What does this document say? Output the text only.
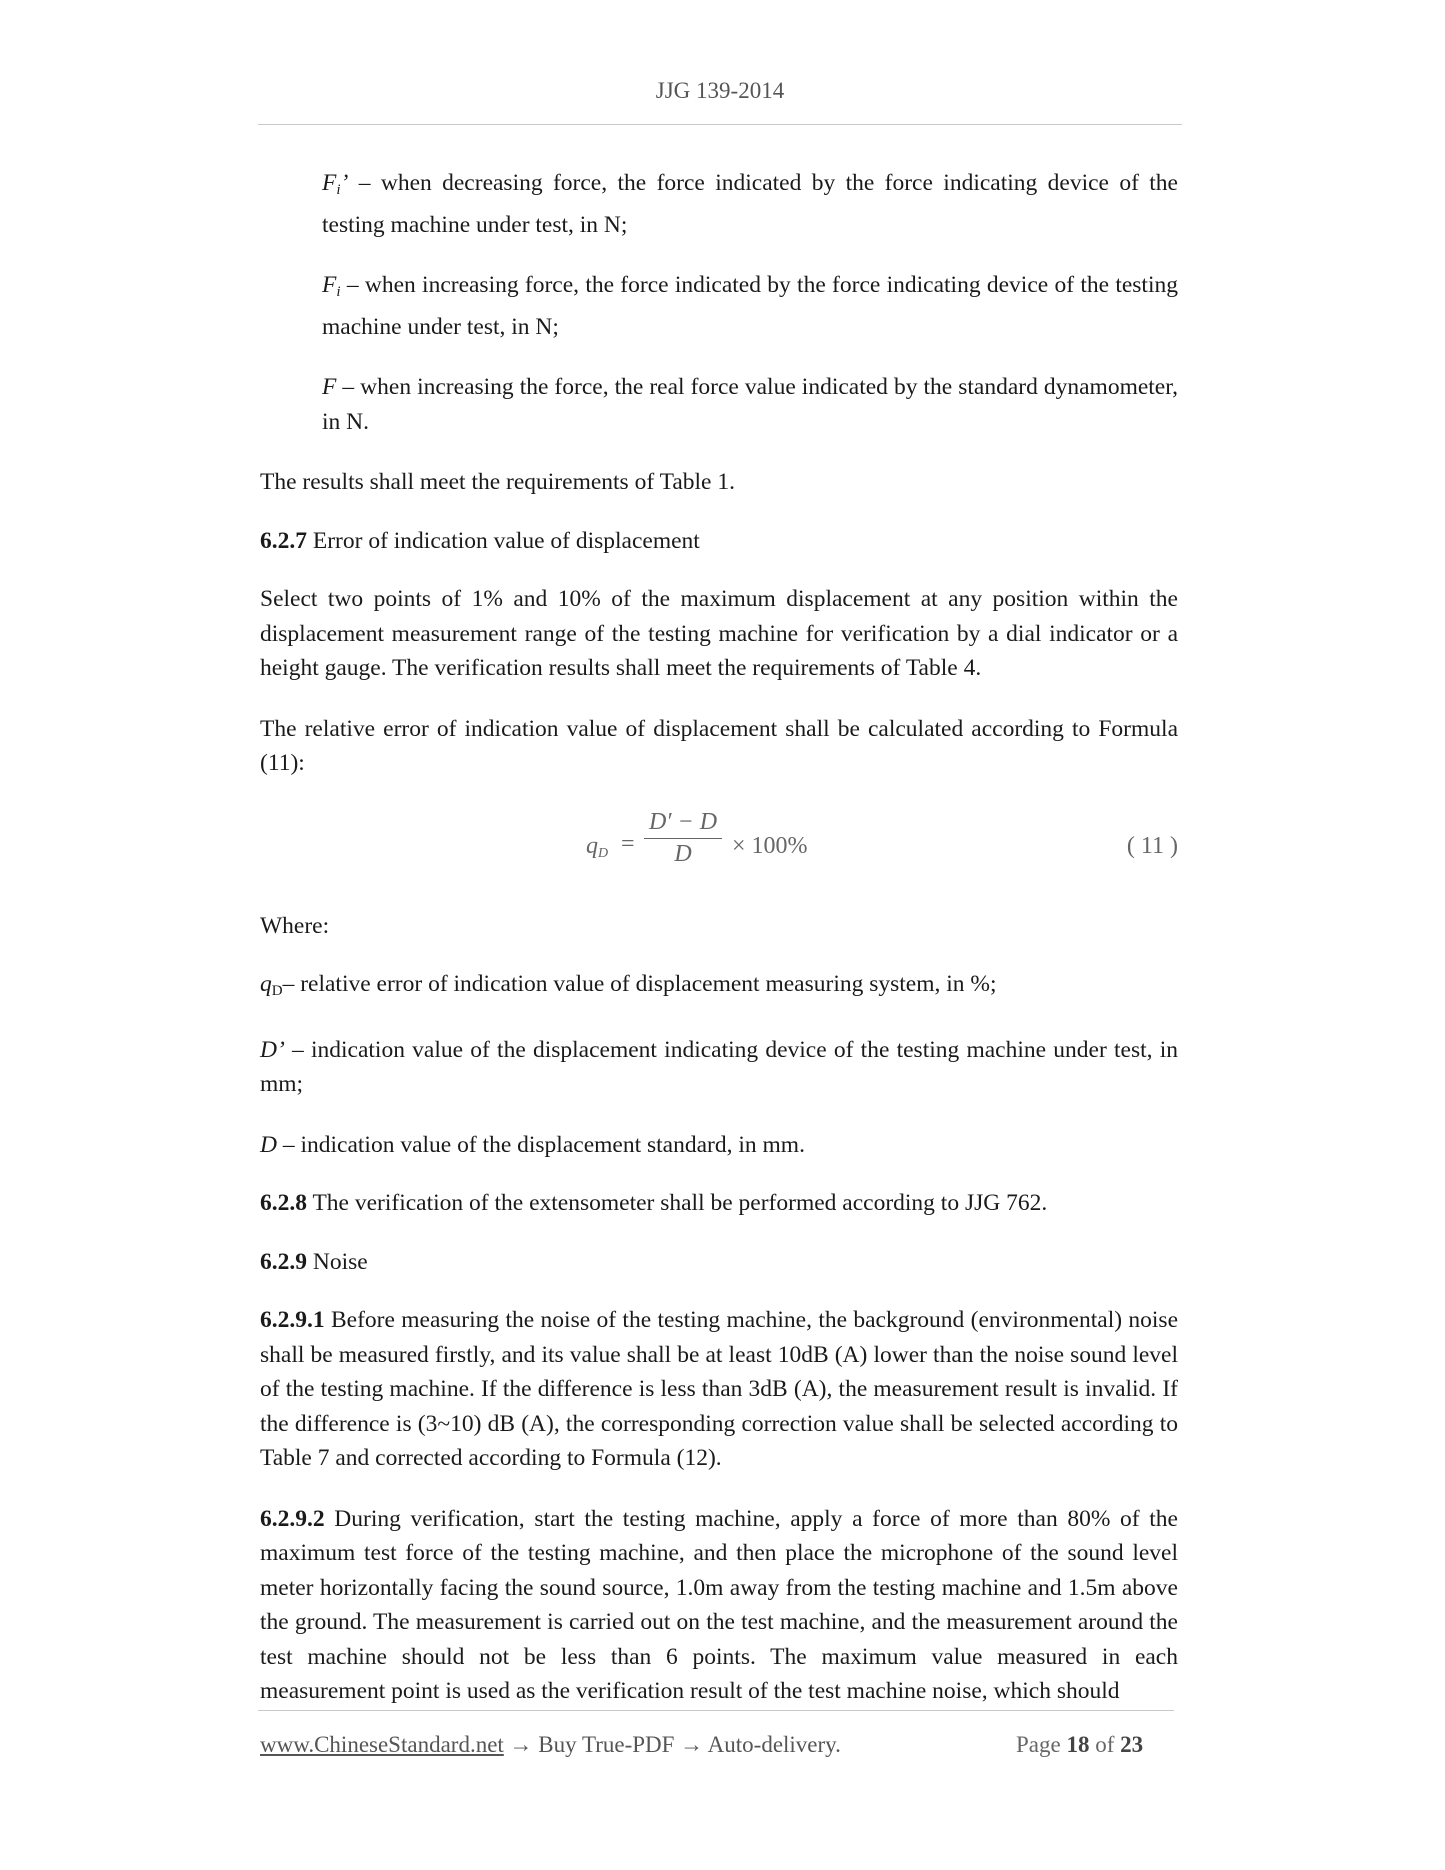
JJG 139-2014

Fi’ – when decreasing force, the force indicated by the force indicating device of the testing machine under test, in N;

Fi – when increasing force, the force indicated by the force indicating device of the testing machine under test, in N;

F – when increasing the force, the real force value indicated by the standard dynamometer, in N.

The results shall meet the requirements of Table 1.

6.2.7 Error of indication value of displacement

Select two points of 1% and 10% of the maximum displacement at any position within the displacement measurement range of the testing machine for verification by a dial indicator or a height gauge. The verification results shall meet the requirements of Table 4.

The relative error of indication value of displacement shall be calculated according to Formula (11):

$q_D = \frac{D' - D}{D} \times 100\%$	( 11 )

Where:

$q_D-$ relative error of indication value of displacement measuring system, in %;

D’ – indication value of the displacement indicating device of the testing machine under test, in mm;

D – indication value of the displacement standard, in mm.

6.2.8 The verification of the extensometer shall be performed according to JJG 762.

6.2.9 Noise

6.2.9.1 Before measuring the noise of the testing machine, the background (environmental) noise shall be measured firstly, and its value shall be at least 10dB (A) lower than the noise sound level of the testing machine. If the difference is less than 3dB (A), the measurement result is invalid. If the difference is (3~10) dB (A), the corresponding correction value shall be selected according to Table 7 and corrected according to Formula (12).

6.2.9.2 During verification, start the testing machine, apply a force of more than 80% of the maximum test force of the testing machine, and then place the microphone of the sound level meter horizontally facing the sound source, 1.0m away from the testing machine and 1.5m above the ground. The measurement is carried out on the test machine, and the measurement around the test machine should not be less than 6 points. The maximum value measured in each measurement point is used as the verification result of the test machine noise, which should

www.ChineseStandard.net → Buy True-PDF → Auto-delivery.	Page 18 of 23
